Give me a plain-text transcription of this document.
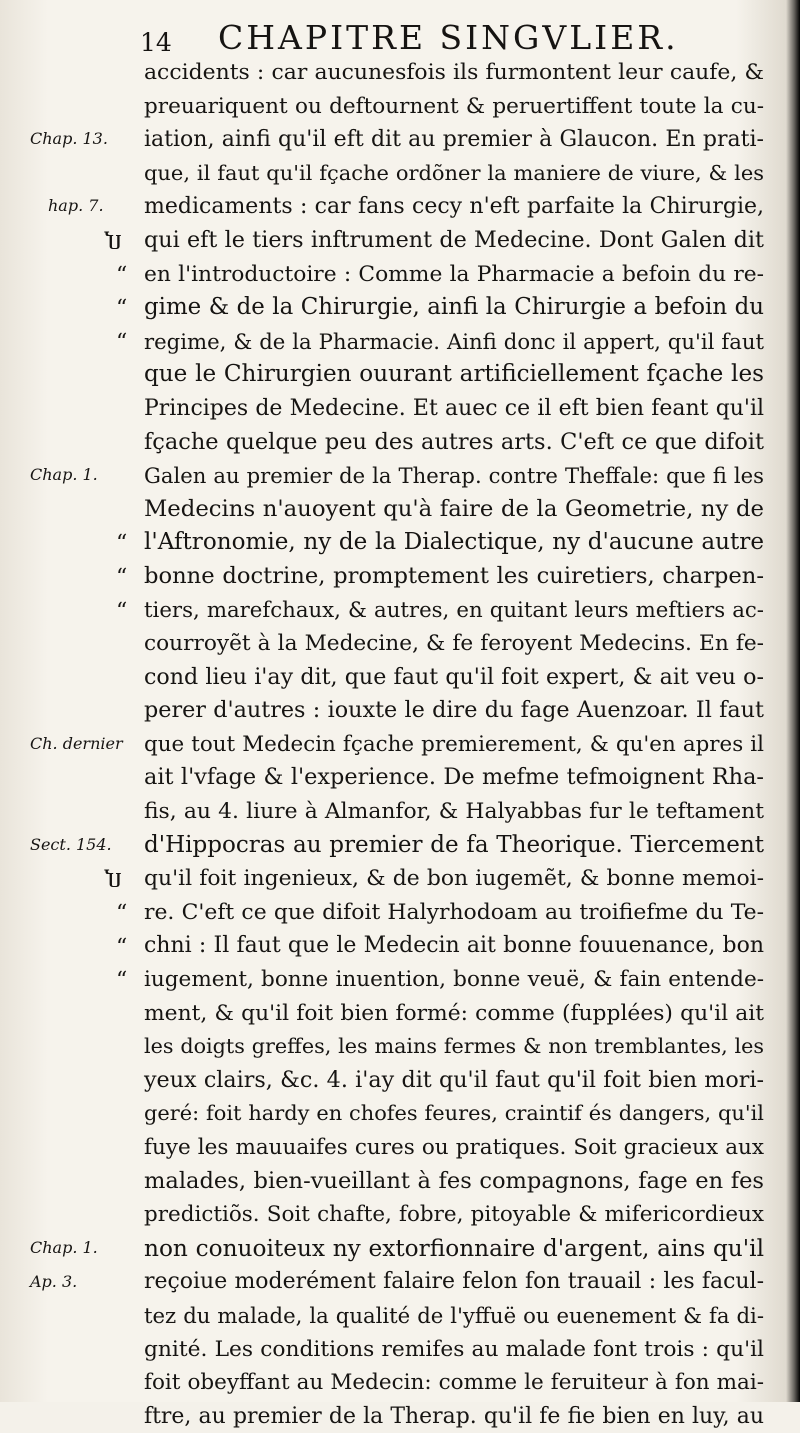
14 CHAPITRE SINGVLIER.
Chap. 13.
hap. 7.
Chap. 1.
Ch. dernier
Sect. 154.
Chap. 1.
Ap. 3.
“
“
“
“
“
“
“
“
“
Ⴎ
Ⴎ
accidents : car aucunesfois ils furmontent leur caufe, &
preuariquent ou deftournent & peruertiffent toute la cu-
iation, ainfi qu'il eft dit au premier à Glaucon. En prati-
que, il faut qu'il fçache ordõner la maniere de viure, & les
medicaments : car fans cecy n'eft parfaite la Chirurgie,
qui eft le tiers inftrument de Medecine. Dont Galen dit
en l'introductoire : Comme la Pharmacie a befoin du re-
gime & de la Chirurgie, ainfi la Chirurgie a befoin du
regime, & de la Pharmacie. Ainfi donc il appert, qu'il faut
que le Chirurgien ouurant artificiellement fçache les
Principes de Medecine. Et auec ce il eft bien feant qu'il
fçache quelque peu des autres arts. C'eft ce que difoit
Galen au premier de la Therap. contre Theffale: que fi les
Medecins n'auoyent qu'à faire de la Geometrie, ny de
l'Aftronomie, ny de la Dialectique, ny d'aucune autre
bonne doctrine, promptement les cuiretiers, charpen-
tiers, marefchaux, & autres, en quitant leurs meftiers ac-
courroyẽt à la Medecine, & fe feroyent Medecins. En fe-
cond lieu i'ay dit, que faut qu'il foit expert, & ait veu o-
perer d'autres : iouxte le dire du fage Auenzoar. Il faut
que tout Medecin fçache premierement, & qu'en apres il
ait l'vfage & l'experience. De mefme tefmoignent Rha-
fis, au 4. liure à Almanfor, & Halyabbas fur le teftament
d'Hippocras au premier de fa Theorique. Tiercement
qu'il foit ingenieux, & de bon iugemẽt, & bonne memoi-
re. C'eft ce que difoit Halyrhodoam au troifiefme du Te-
chni : Il faut que le Medecin ait bonne fouuenance, bon
iugement, bonne inuention, bonne veuë, & fain entende-
ment, & qu'il foit bien formé: comme (fupplées) qu'il ait
les doigts greffes, les mains fermes & non tremblantes, les
yeux clairs, &c. 4. i'ay dit qu'il faut qu'il foit bien mori-
geré: foit hardy en chofes feures, craintif és dangers, qu'il
fuye les mauuaifes cures ou pratiques. Soit gracieux aux
malades, bien-vueillant à fes compagnons, fage en fes
predictiõs. Soit chafte, fobre, pitoyable & mifericordieux
non conuoiteux ny extorfionnaire d'argent, ains qu'il
reçoiue moderément falaire felon fon trauail : les facul-
tez du malade, la qualité de l'yffuë ou euenement & fa di-
gnité. Les conditions remifes au malade font trois : qu'il
foit obeyffant au Medecin: comme le feruiteur à fon mai-
ftre, au premier de la Therap. qu'il fe fie bien en luy, au
